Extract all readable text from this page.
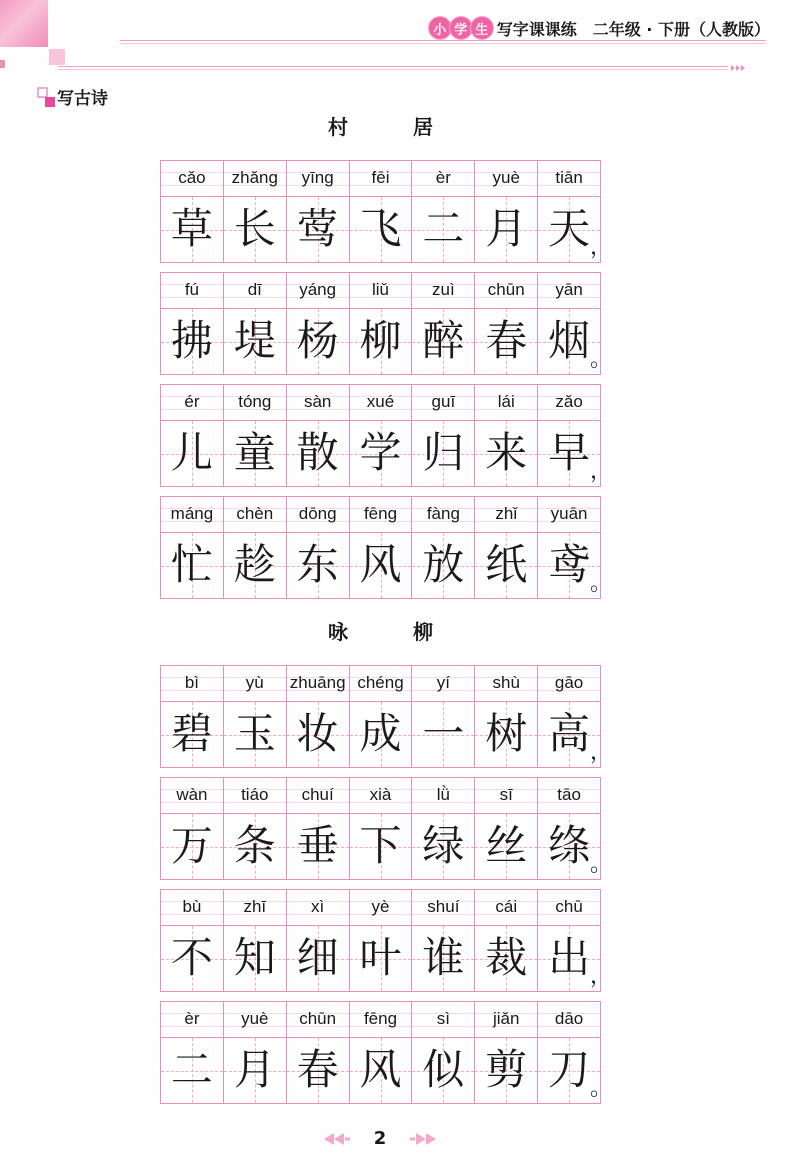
小 学 生 写字课课练 二年级 · 下册（人教版）
写古诗
村居
cǎo	zhǎng	yīng	fēi	èr	yuè	tiān
草 长 莺 飞 二 月 天 ，
fú	dī	yáng	liǔ	zuì	chūn	yān
拂 堤 杨 柳 醉 春 烟 。
ér	tóng	sàn	xué	guī	lái	zǎo
儿 童 散 学 归 来 早 ，
máng	chèn	dōng	fēng	fàng	zhǐ	yuān
忙 趁 东 风 放 纸 鸢 。
咏柳
bì	yù	zhuāng chéng	yí	shù	gāo
碧 玉 妆 成 一 树 高 ，
wàn	tiáo	chuí	xià	lǜ	sī	tāo
万 条 垂 下 绿 丝 绦 。
bù	zhī	xì	yè	shuí	cái	chū
不 知 细 叶 谁 裁 出 ，
èr	yuè	chūn	fēng	sì	jiǎn	dāo
二 月 春 风 似 剪 刀 。
2
